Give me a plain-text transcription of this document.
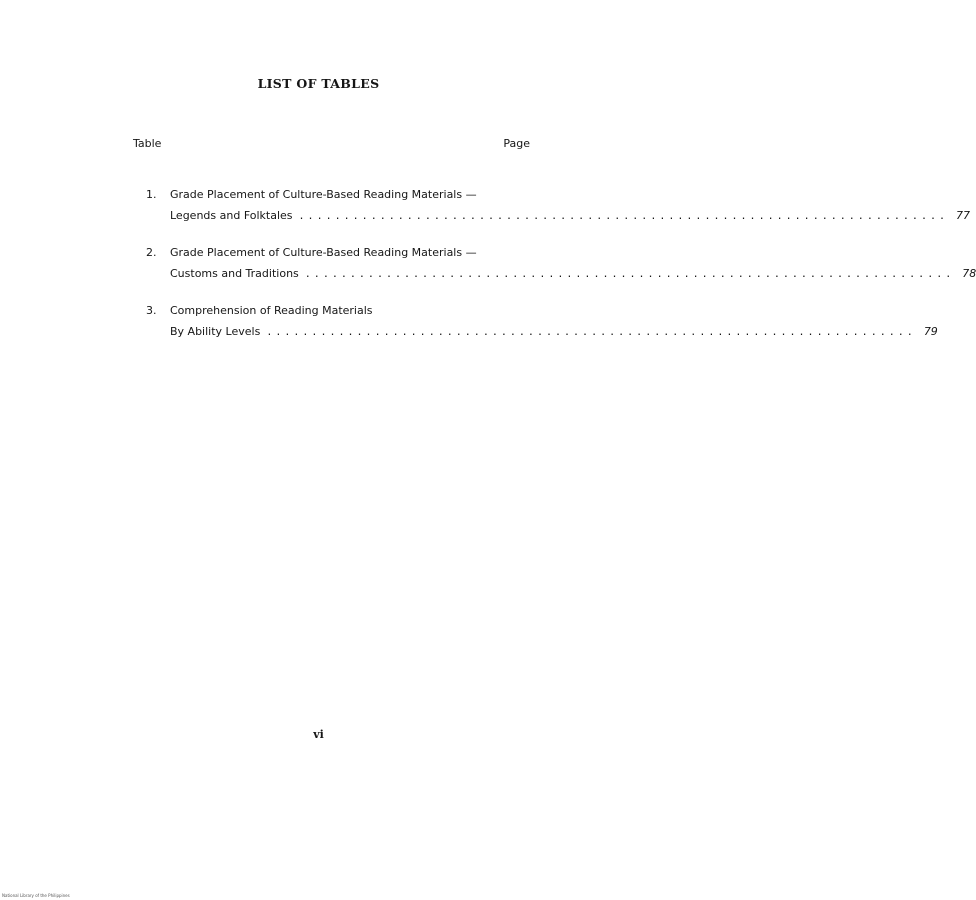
LIST OF TABLES
Table	Page
1.	Grade Placement of Culture-Based Reading Materials —
Legends and Folktales ........................................................................ 77
2.	Grade Placement of Culture-Based Reading Materials —
Customs and Traditions ........................................................................ 78
3.	Comprehension of Reading Materials
By Ability Levels ........................................................................ 79
vi
National Library of the Philippines
